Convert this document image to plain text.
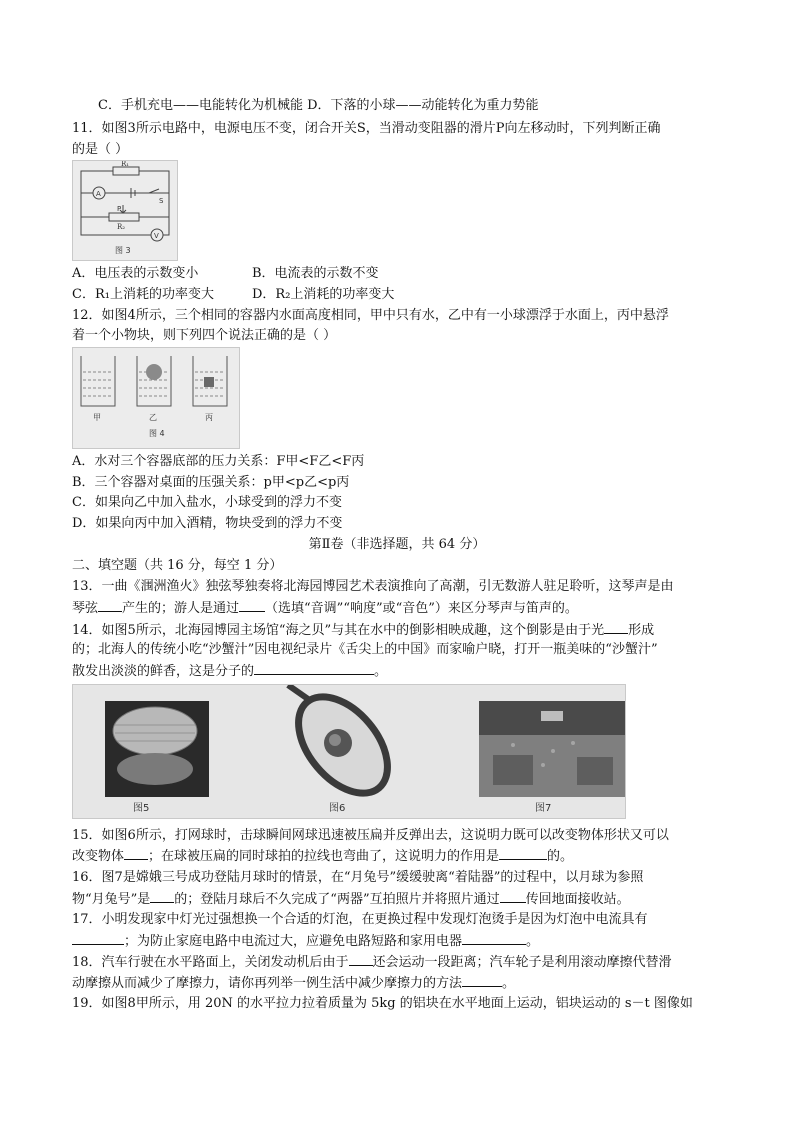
C．手机充电——电能转化为机械能 D．下落的小球——动能转化为重力势能
11．如图3所示电路中，电源电压不变，闭合开关S，当滑动变阻器的滑片P向左移动时，下列判断正确
的是（ ）
R₁
A
S
P
R₂
V
图 3
A．电压表的示数变小	B．电流表的示数不变
C．R₁上消耗的功率变大	D．R₂上消耗的功率变大
12．如图4所示，三个相同的容器内水面高度相同，甲中只有水，乙中有一小球漂浮于水面上，丙中悬浮
着一个小物块，则下列四个说法正确的是（ ）
甲	乙	丙
图 4
A．水对三个容器底部的压力关系：F甲<F乙<F丙
B．三个容器对桌面的压强关系：p甲<p乙<p丙
C．如果向乙中加入盐水，小球受到的浮力不变
D．如果向丙中加入酒精，物块受到的浮力不变
第Ⅱ卷（非选择题，共 64 分）
二、填空题（共 16 分，每空 1 分）
13．一曲《涠洲渔火》独弦琴独奏将北海园博园艺术表演推向了高潮，引无数游人驻足聆听，这琴声是由
琴弦 产生的；游人是通过 （选填“音调”“响度”或“音色”）来区分琴声与笛声的。
14．如图5所示，北海园博园主场馆“海之贝”与其在水中的倒影相映成趣，这个倒影是由于光 形成
的；北海人的传统小吃“沙蟹汁”因电视纪录片《舌尖上的中国》而家喻户晓，打开一瓶美味的“沙蟹汁”
散发出淡淡的鲜香，这是分子的	。
图5	图6	图7
15．如图6所示，打网球时，击球瞬间网球迅速被压扁并反弹出去，这说明力既可以改变物体形状又可以
改变物体 ；在球被压扁的同时球拍的拉线也弯曲了，这说明力的作用是	的。
16．图7是嫦娥三号成功登陆月球时的情景，在“月兔号”缓缓驶离“着陆器”的过程中，以月球为参照
物“月兔号”是 的；登陆月球后不久完成了“两器”互拍照片并将照片通过 传回地面接收站。
17．小明发现家中灯光过强想换一个合适的灯泡，在更换过程中发现灯泡烫手是因为灯泡中电流具有
；为防止家庭电路中电流过大，应避免电路短路和家用电器	。
18．汽车行驶在水平路面上，关闭发动机后由于 还会运动一段距离；汽车轮子是利用滚动摩擦代替滑
动摩擦从而减少了摩擦力，请你再列举一例生活中减少摩擦力的方法	。
19．如图8甲所示，用 20N 的水平拉力拉着质量为 5kg 的铝块在水平地面上运动，铝块运动的 s－t 图像如
